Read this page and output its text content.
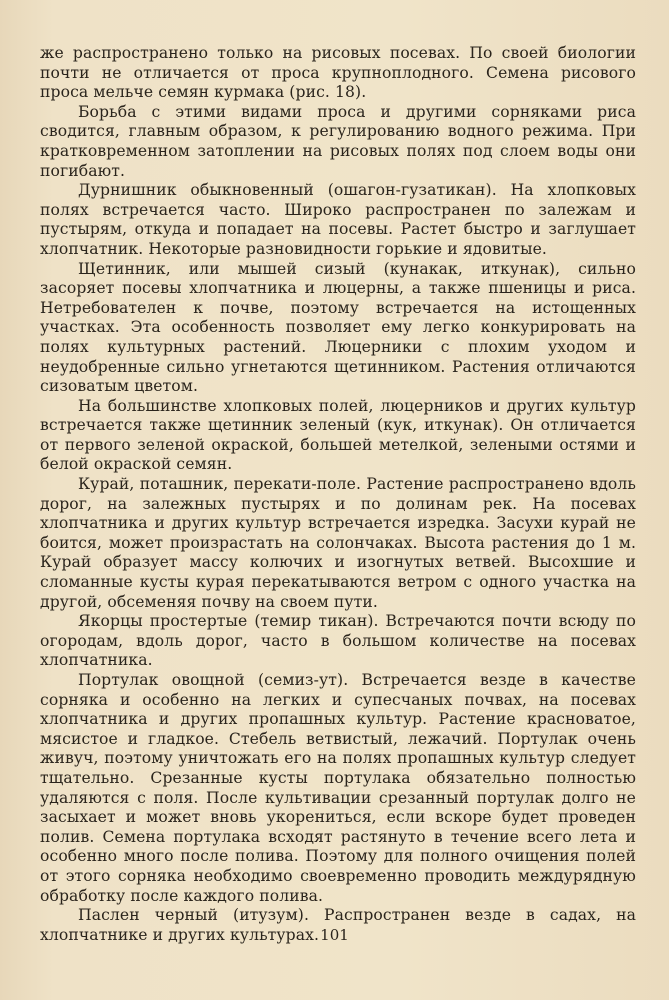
же распространено только на рисовых посевах. По своей биологии почти не отличается от проса крупноплодного. Семена рисового проса мельче семян курмака (рис. 18).

Борьба с этими видами проса и другими сорняками риса сводится, главным образом, к регулированию водного режима. При кратковременном затоплении на рисовых полях под слоем воды они погибают.

Дурнишник обыкновенный (ошагон-гузатикан). На хлопковых полях встречается часто. Широко распространен по залежам и пустырям, откуда и попадает на посевы. Растет быстро и заглушает хлопчатник. Некоторые разновидности горькие и ядовитые.

Щетинник, или мышей сизый (кунакак, иткунак), сильно засоряет посевы хлопчатника и люцерны, а также пшеницы и риса. Нетребователен к почве, поэтому встречается на истощенных участках. Эта особенность позволяет ему легко конкурировать на полях культурных растений. Люцерники с плохим уходом и неудобренные сильно угнетаются щетинником. Растения отличаются сизоватым цветом.

На большинстве хлопковых полей, люцерников и других культур встречается также щетинник зеленый (кук, иткунак). Он отличается от первого зеленой окраской, большей метелкой, зелеными остями и белой окраской семян.

Курай, поташник, перекати-поле. Растение распространено вдоль дорог, на залежных пустырях и по долинам рек. На посевах хлопчатника и других культур встречается изредка. Засухи курай не боится, может произрастать на солончаках. Высота растения до 1 м. Курай образует массу колючих и изогнутых ветвей. Высохшие и сломанные кусты курая перекатываются ветром с одного участка на другой, обсеменяя почву на своем пути.

Якорцы простертые (темир тикан). Встречаются почти всюду по огородам, вдоль дорог, часто в большом количестве на посевах хлопчатника.

Портулак овощной (семиз-ут). Встречается везде в качестве сорняка и особенно на легких и супесчаных почвах, на посевах хлопчатника и других пропашных культур. Растение красноватое, мясистое и гладкое. Стебель ветвистый, лежачий. Портулак очень живуч, поэтому уничтожать его на полях пропашных культур следует тщательно. Срезанные кусты портулака обязательно полностью удаляются с поля. После культивации срезанный портулак долго не засыхает и может вновь укорениться, если вскоре будет проведен полив. Семена портулака всходят растянуто в течение всего лета и особенно много после полива. Поэтому для полного очищения полей от этого сорняка необходимо своевременно проводить междурядную обработку после каждого полива.

Паслен черный (итузум). Распространен везде в садах, на хлопчатнике и других культурах. 101
